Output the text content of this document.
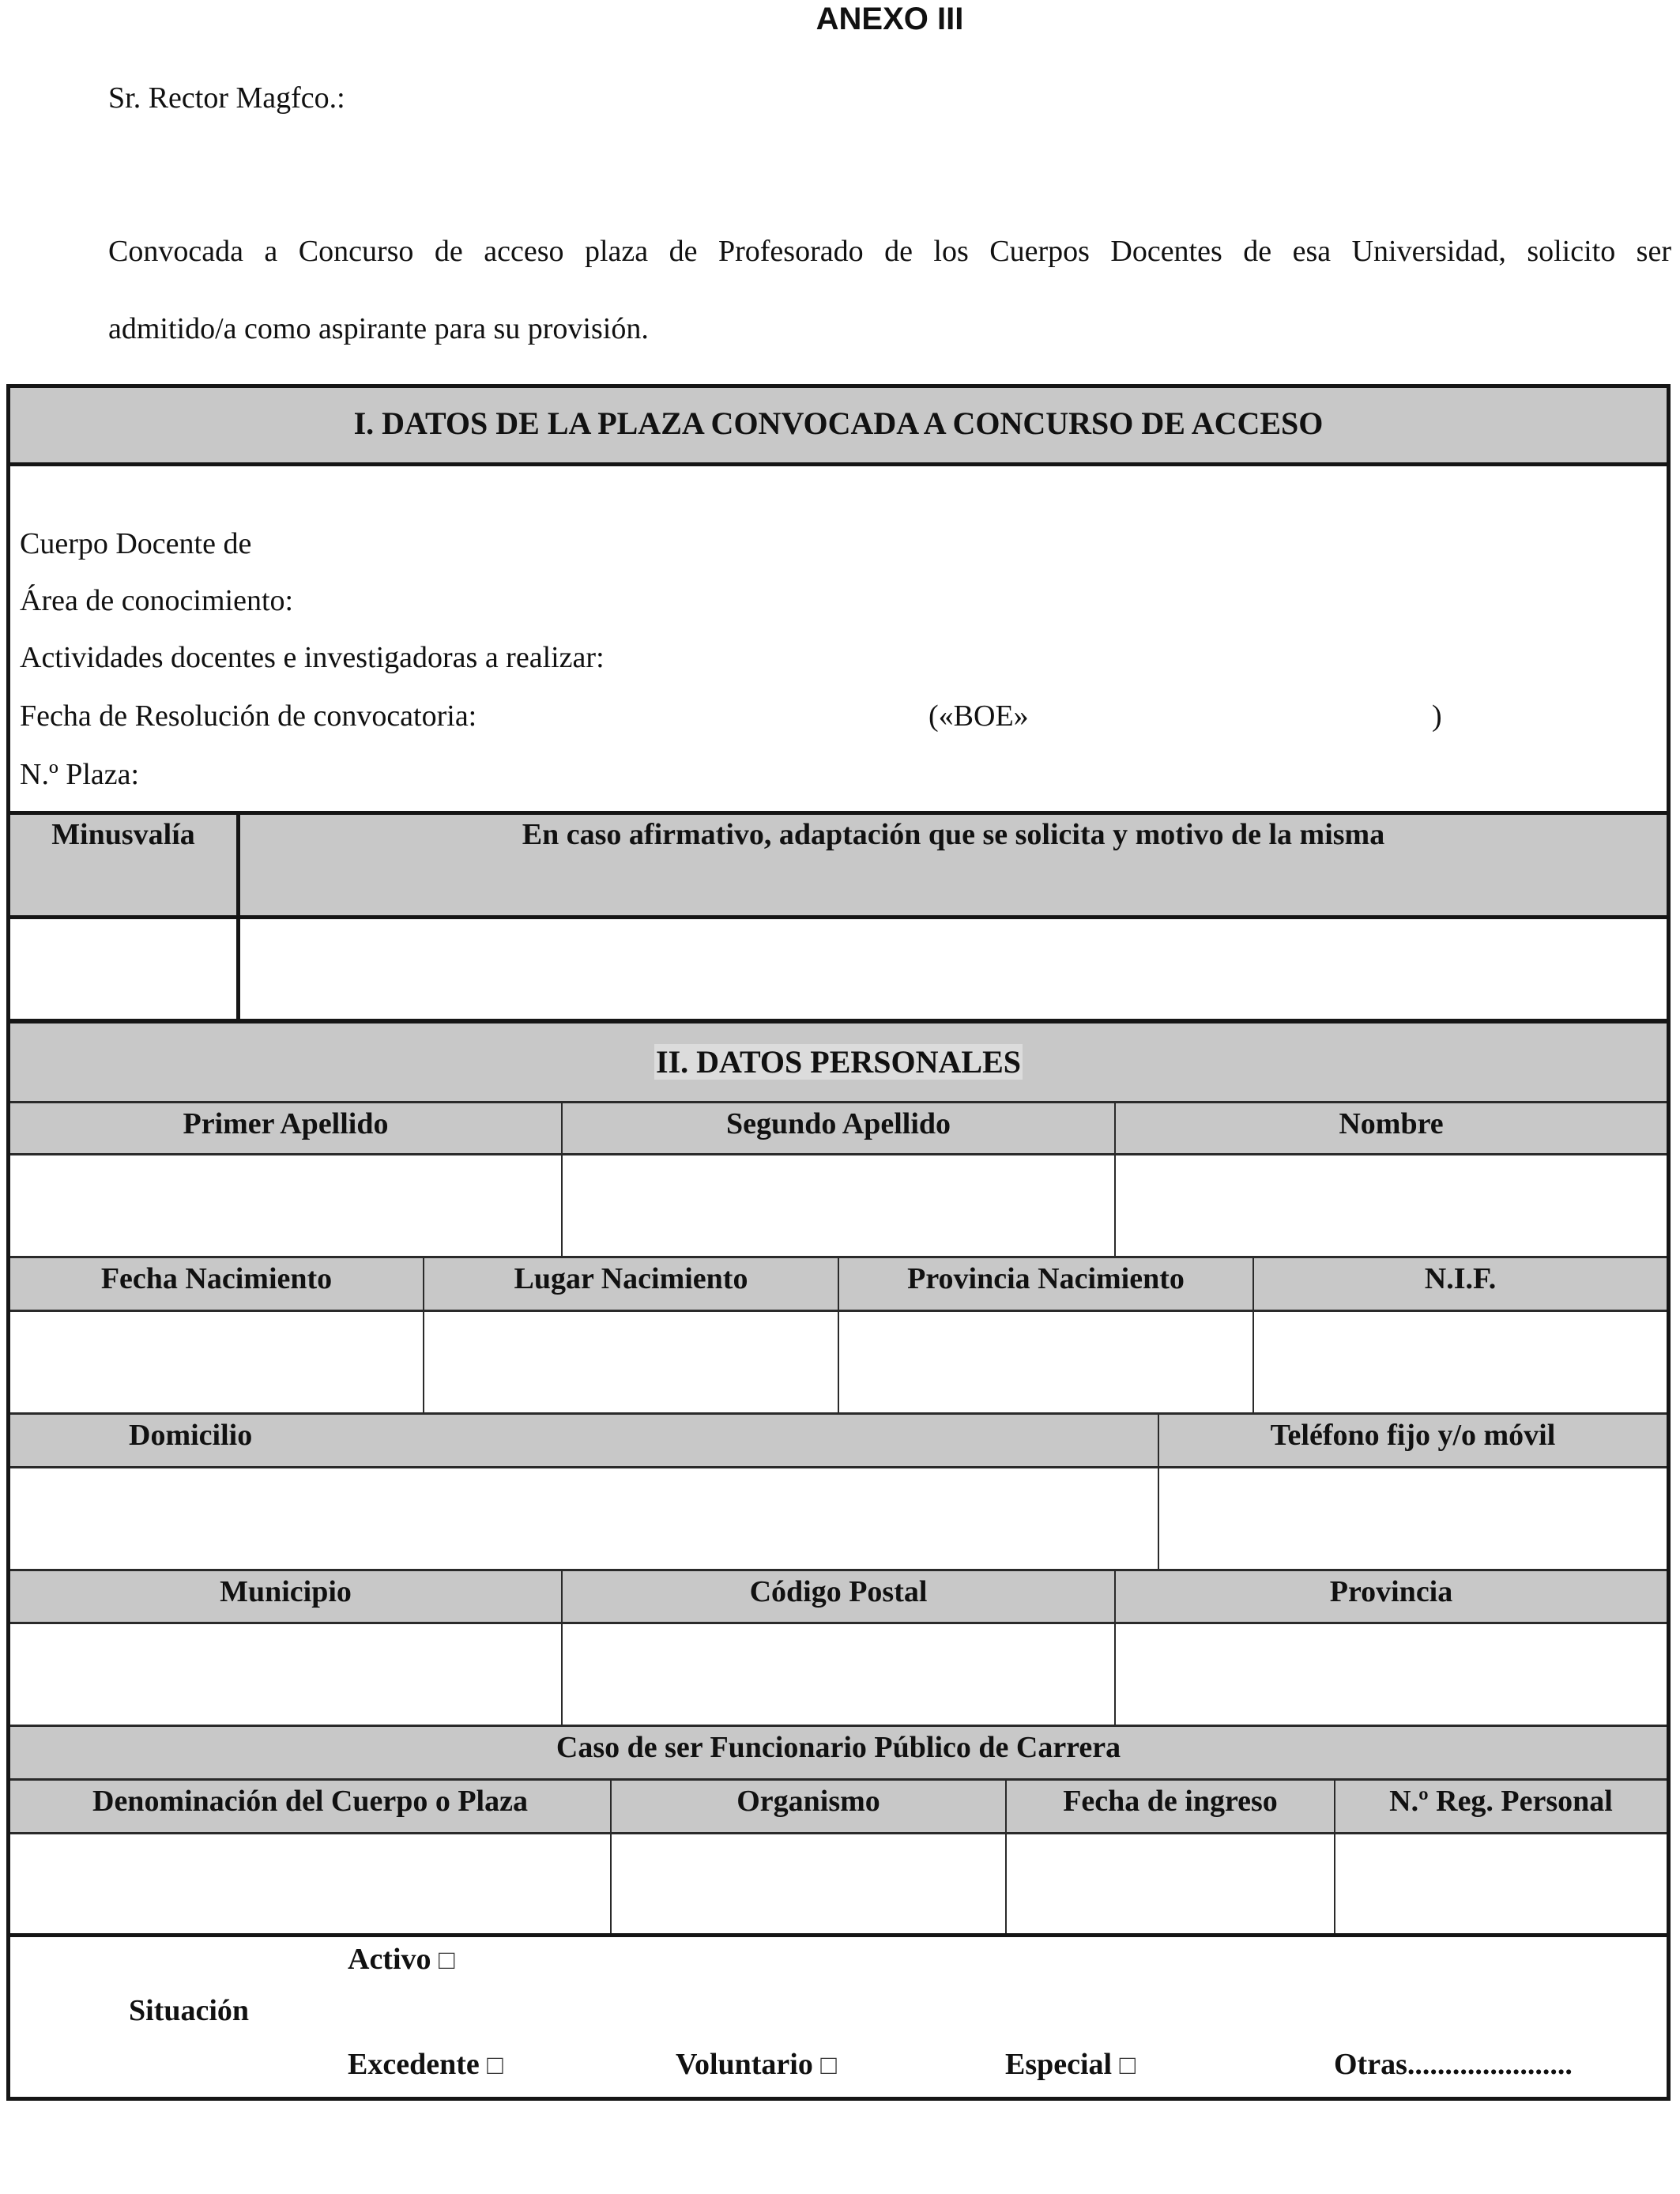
ANEXO III
Sr. Rector Magfco.:
Convocada a Concurso de acceso plaza de Profesorado de los Cuerpos Docentes de esa Universidad, solicito ser
admitido/a como aspirante para su provisión.
I. DATOS DE LA PLAZA CONVOCADA A CONCURSO DE ACCESO
Cuerpo Docente de
Área de conocimiento:
Actividades docentes e investigadoras a realizar:
Fecha de Resolución de convocatoria:	(«BOE»	)
N.º Plaza:
Minusvalía	En caso afirmativo, adaptación que se solicita y motivo de la misma
II. DATOS PERSONALES
Primer Apellido	Segundo Apellido	Nombre
Fecha Nacimiento	Lugar Nacimiento	Provincia Nacimiento	N.I.F.
Domicilio	Teléfono fijo y/o móvil
Municipio	Código Postal	Provincia
Caso de ser Funcionario Público de Carrera
Denominación del Cuerpo o Plaza	Organismo	Fecha de ingreso	N.º Reg. Personal
Situación
Activo □
Excedente □	Voluntario □	Especial □	Otras......................
